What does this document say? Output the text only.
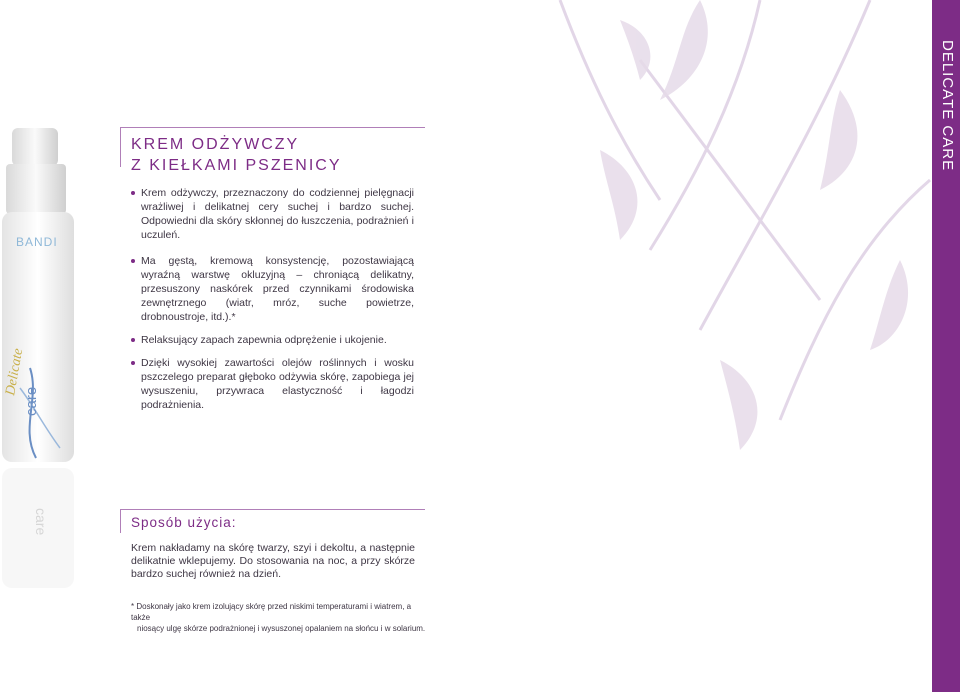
BANDI
Delicate
care
care
DELICATE CARE
KREM ODŻYWCZY
Z KIEŁKAMI PSZENICY
Krem odżywczy, przeznaczony do codziennej pielęgnacji wrażliwej i delikatnej cery suchej i bardzo suchej. Odpowiedni dla skóry skłonnej do łuszczenia, podrażnień i uczuleń.
Ma gęstą, kremową konsystencję, pozostawiającą wyraźną warstwę okluzyjną – chroniącą delikatny, przesuszony naskórek przed czynnikami środowiska zewnętrznego (wiatr, mróz, suche powietrze, drobnoustroje, itd.).*
Relaksujący zapach zapewnia odprężenie i ukojenie.
Dzięki wysokiej zawartości olejów roślinnych i wosku pszczelego preparat głęboko odżywia skórę, zapobiega jej wysuszeniu, przywraca elastyczność i łagodzi podrażnienia.
Sposób użycia:

Krem nakładamy na skórę twarzy, szyi i dekoltu, a następnie delikatnie wklepujemy. Do stosowania na noc, a przy skórze bardzo suchej również na dzień.

* Doskonały jako krem izolujący skórę przed niskimi temperaturami i wiatrem, a także
niosący ulgę skórze podrażnionej i wysuszonej opalaniem na słońcu i w solarium.
